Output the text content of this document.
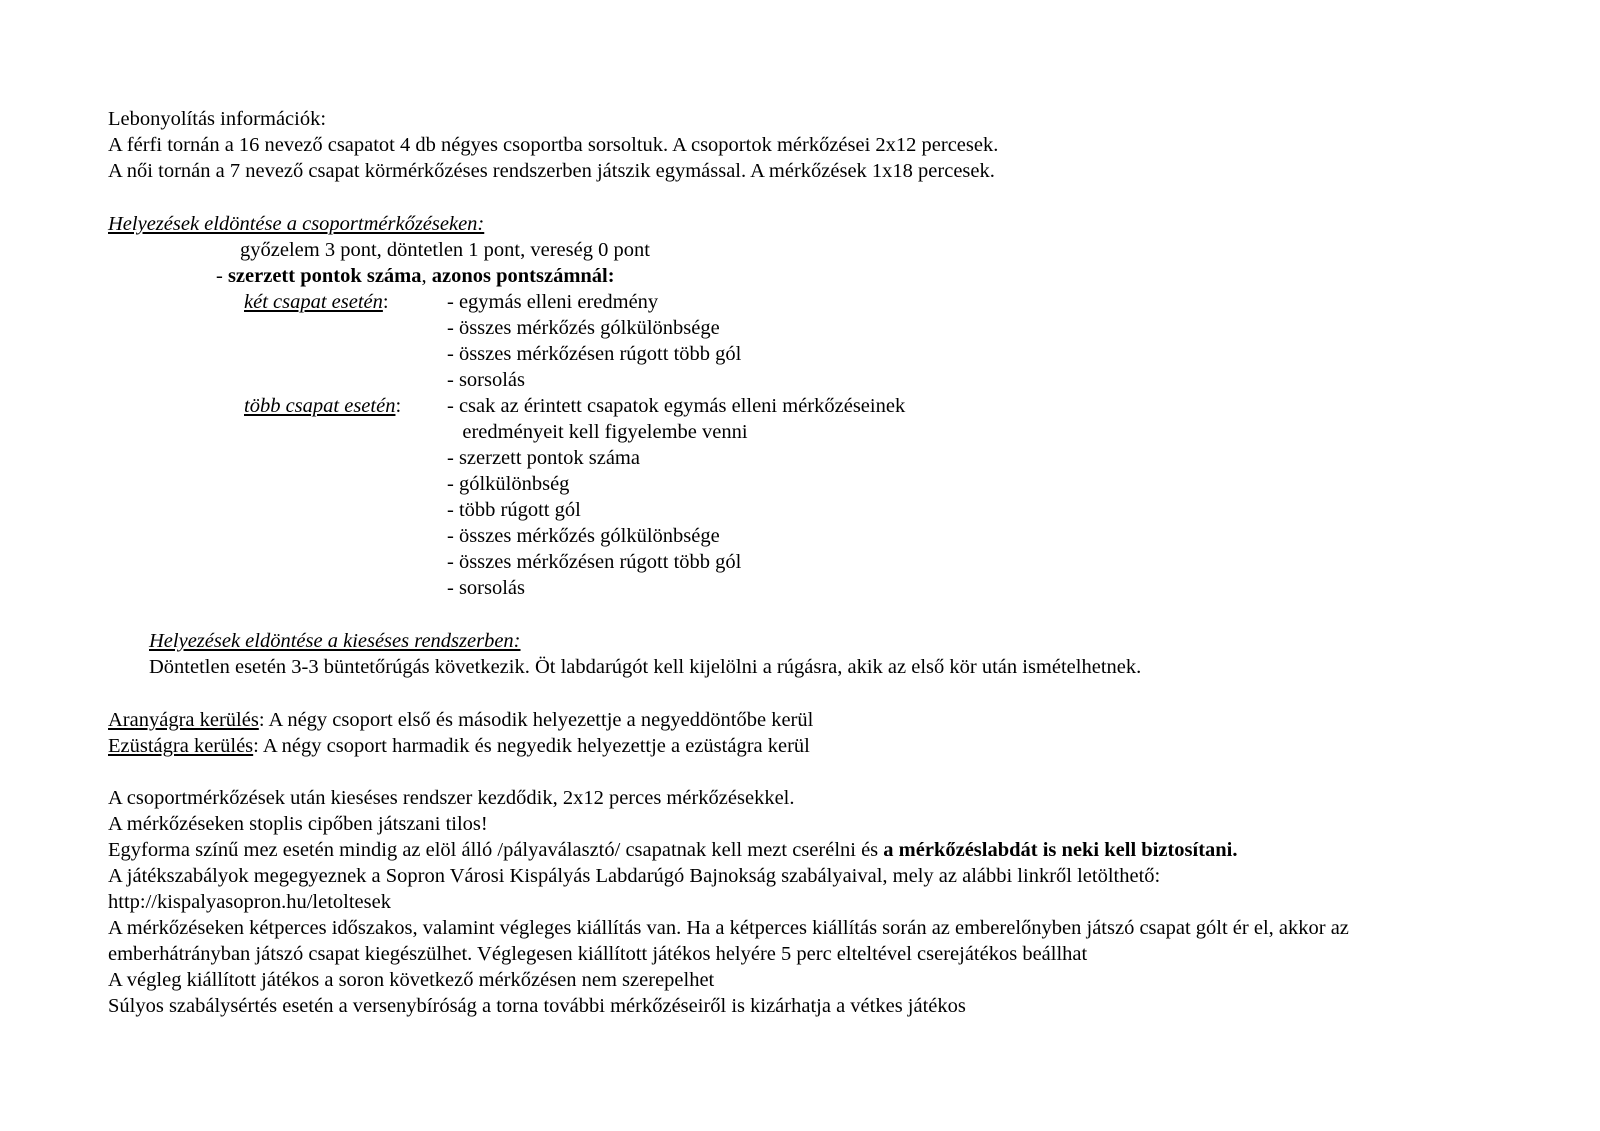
Lebonyolítás információk:
A férfi tornán a 16 nevező csapatot 4 db négyes csoportba sorsoltuk. A csoportok mérkőzései 2x12 percesek.
A női tornán a 7 nevező csapat körmérkőzéses rendszerben játszik egymással. A mérkőzések 1x18 percesek.
Helyezések eldöntése a csoportmérkőzéseken:
győzelem 3 pont, döntetlen 1 pont, vereség 0 pont
- szerzett pontok száma, azonos pontszámnál:
két csapat esetén:	- egymás elleni eredmény
- összes mérkőzés gólkülönbsége
- összes mérkőzésen rúgott több gól
- sorsolás
több csapat esetén: - csak az érintett csapatok egymás elleni mérkőzéseinek
eredményeit kell figyelembe venni
- szerzett pontok száma
- gólkülönbség
- több rúgott gól
- összes mérkőzés gólkülönbsége
- összes mérkőzésen rúgott több gól
- sorsolás
Helyezések eldöntése a kieséses rendszerben:
Döntetlen esetén 3-3 büntetőrúgás következik. Öt labdarúgót kell kijelölni a rúgásra, akik az első kör után ismételhetnek.
Aranyágra kerülés: A négy csoport első és második helyezettje a negyeddöntőbe kerül
Ezüstágra kerülés: A négy csoport harmadik és negyedik helyezettje a ezüstágra kerül
A csoportmérkőzések után kieséses rendszer kezdődik, 2x12 perces mérkőzésekkel.
A mérkőzéseken stoplis cipőben játszani tilos!
Egyforma színű mez esetén mindig az elöl álló /pályaválasztó/ csapatnak kell mezt cserélni és a mérkőzéslabdát is neki kell biztosítani.
A játékszabályok megegyeznek a Sopron Városi Kispályás Labdarúgó Bajnokság szabályaival, mely az alábbi linkről letölthető:
http://kispalyasopron.hu/letoltesek
A mérkőzéseken kétperces időszakos, valamint végleges kiállítás van. Ha a kétperces kiállítás során az emberelőnyben játszó csapat gólt ér el, akkor az
emberhátrányban játszó csapat kiegészülhet. Véglegesen kiállított játékos helyére 5 perc elteltével cserejátékos beállhat
A végleg kiállított játékos a soron következő mérkőzésen nem szerepelhet
Súlyos szabálysértés esetén a versenybíróság a torna további mérkőzéseiről is kizárhatja a vétkes játékos
